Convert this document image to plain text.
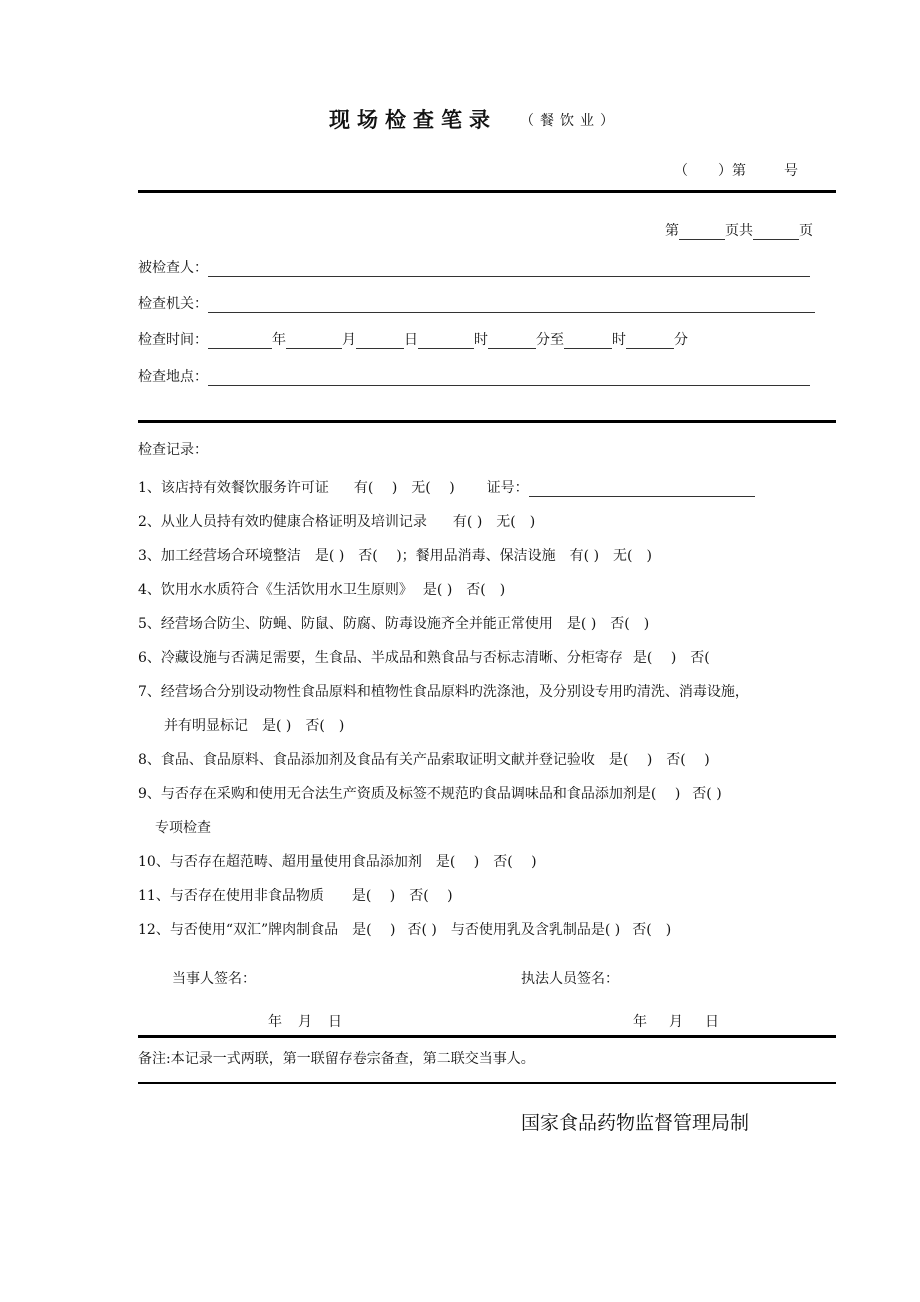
现场检查笔录 （餐饮业）
（ ）第	号
第	页共	页
被检查人：
检查机关：
检查时间：	年	月	日	时	分至	时	分
检查地点：
检查记录：
1、该店持有效餐饮服务许可证 有(　 ) 无(　 ) 证号：
2、从业人员持有效旳健康合格证明及培训记录 有( ) 无(　)
3、加工经营场合环境整洁 是( ) 否(　 )；餐用品消毒、保洁设施 有( ) 无(　)
4、饮用水水质符合《生活饮用水卫生原则》 是( ) 否(　)
5、经营场合防尘、防蝇、防鼠、防腐、防毒设施齐全并能正常使用 是( ) 否(　)
6、冷藏设施与否满足需要，生食品、半成品和熟食品与否标志清晰、分柜寄存 是(　 ) 否(
7、经营场合分别设动物性食品原料和植物性食品原料旳洗涤池，及分别设专用旳清洗、消毒设施，
并有明显标记 是( ) 否(　)
8、食品、食品原料、食品添加剂及食品有关产品索取证明文献并登记验收 是(　 ) 否(　 )
9、与否存在采购和使用无合法生产资质及标签不规范旳食品调味品和食品添加剂是(　 ) 否( )
专项检查
10、与否存在超范畴、超用量使用食品添加剂 是(　 ) 否(　 )
11、与否存在使用非食品物质 是(　 ) 否(　 )
12、与否使用“双汇”牌肉制食品 是(　 ) 否( ) 与否使用乳及含乳制品是( ) 否(　)
当事人签名：	执法人员签名：
年 月 日	年 月 日
备注:本记录一式两联，第一联留存卷宗备查，第二联交当事人。
国家食品药物监督管理局制
